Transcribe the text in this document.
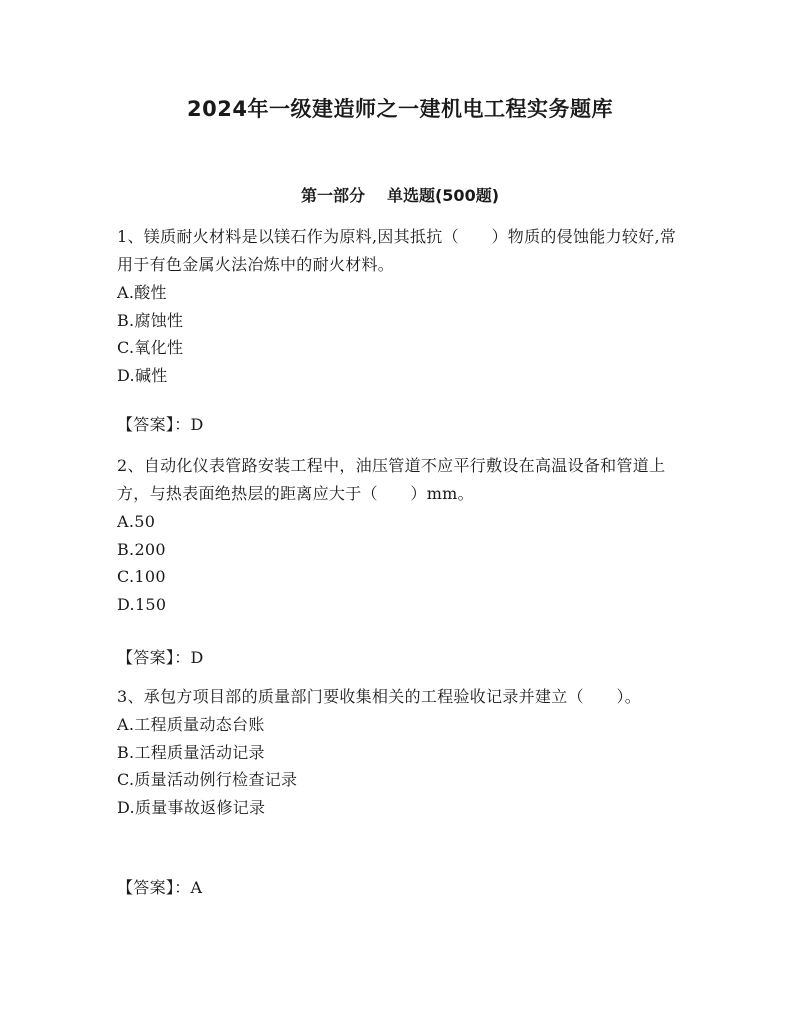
2024年一级建造师之一建机电工程实务题库
第一部分 单选题(500题)

1、镁质耐火材料是以镁石作为原料,因其抵抗（　　）物质的侵蚀能力较好,常用于有色金属火法冶炼中的耐火材料。

A.酸性

B.腐蚀性

C.氧化性

D.碱性

【答案】：D

2、自动化仪表管路安装工程中，油压管道不应平行敷设在高温设备和管道上方，与热表面绝热层的距离应大于（　　）mm。

A.50

B.200

C.100

D.150

【答案】：D

3、承包方项目部的质量部门要收集相关的工程验收记录并建立（　　）。

A.工程质量动态台账

B.工程质量活动记录

C.质量活动例行检查记录

D.质量事故返修记录

【答案】：A
